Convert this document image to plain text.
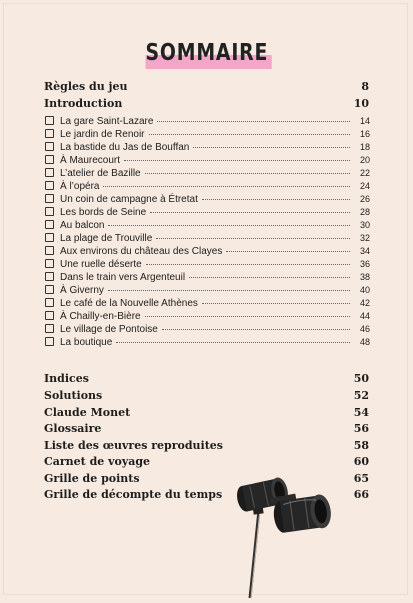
SOMMAIRE
Règles du jeu	8
Introduction	10
La gare Saint-Lazare	14
Le jardin de Renoir	16
La bastide du Jas de Bouffan	18
À Maurecourt	20
L’atelier de Bazille	22
À l’opéra	24
Un coin de campagne à Étretat	26
Les bords de Seine	28
Au balcon	30
La plage de Trouville	32
Aux environs du château des Clayes	34
Une ruelle déserte	36
Dans le train vers Argenteuil	38
À Giverny	40
Le café de la Nouvelle Athènes	42
À Chailly-en-Bière	44
Le village de Pontoise	46
La boutique	48
Indices	50
Solutions	52
Claude Monet	54
Glossaire	56
Liste des œuvres reproduites	58
Carnet de voyage	60
Grille de points	65
Grille de décompte du temps	66
